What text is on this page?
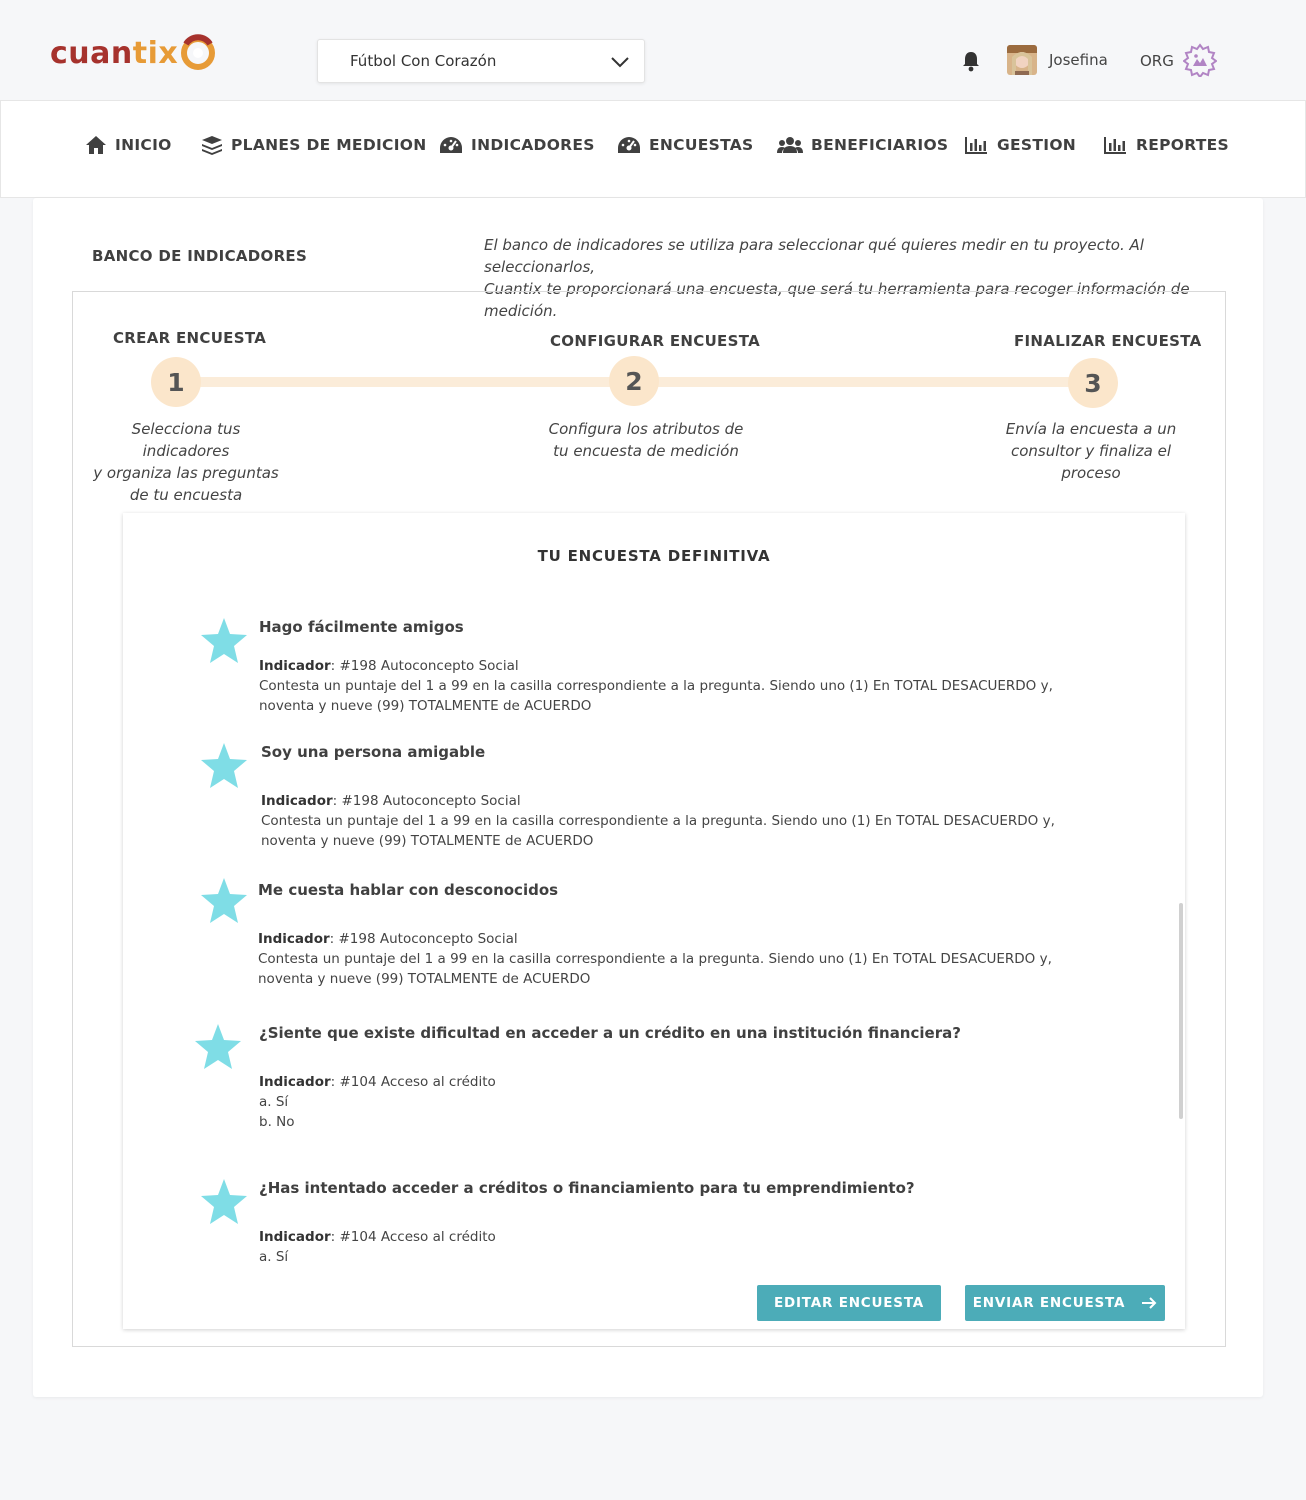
cuantix	Fútbol Con Corazón	Josefina ORG
INICIO	PLANES DE MEDICION	INDICADORES	ENCUESTAS	BENEFICIARIOS	GESTION	REPORTES
BANCO DE INDICADORES
El banco de indicadores se utiliza para seleccionar qué quieres medir en tu proyecto. Al seleccionarlos,
Cuantix te proporcionará una encuesta, que será tu herramienta para recoger información de medición.
CREAR ENCUESTA
1
Selecciona tus indicadores
y organiza las preguntas
de tu encuesta
CONFIGURAR ENCUESTA
2
Configura los atributos de
tu encuesta de medición
FINALIZAR ENCUESTA
3
Envía la encuesta a un
consultor y finaliza el
proceso
TU ENCUESTA DEFINITIVA
Hago fácilmente amigos
Indicador: #198 Autoconcepto Social
Contesta un puntaje del 1 a 99 en la casilla correspondiente a la pregunta. Siendo uno (1) En TOTAL DESACUERDO y,
noventa y nueve (99) TOTALMENTE de ACUERDO
Soy una persona amigable
Indicador: #198 Autoconcepto Social
Contesta un puntaje del 1 a 99 en la casilla correspondiente a la pregunta. Siendo uno (1) En TOTAL DESACUERDO y,
noventa y nueve (99) TOTALMENTE de ACUERDO
Me cuesta hablar con desconocidos
Indicador: #198 Autoconcepto Social
Contesta un puntaje del 1 a 99 en la casilla correspondiente a la pregunta. Siendo uno (1) En TOTAL DESACUERDO y,
noventa y nueve (99) TOTALMENTE de ACUERDO
¿Siente que existe dificultad en acceder a un crédito en una institución financiera?
Indicador: #104 Acceso al crédito
a. Sí
b. No
¿Has intentado acceder a créditos o financiamiento para tu emprendimiento?
Indicador: #104 Acceso al crédito
a. Sí
EDITAR ENCUESTA	ENVIAR ENCUESTA
